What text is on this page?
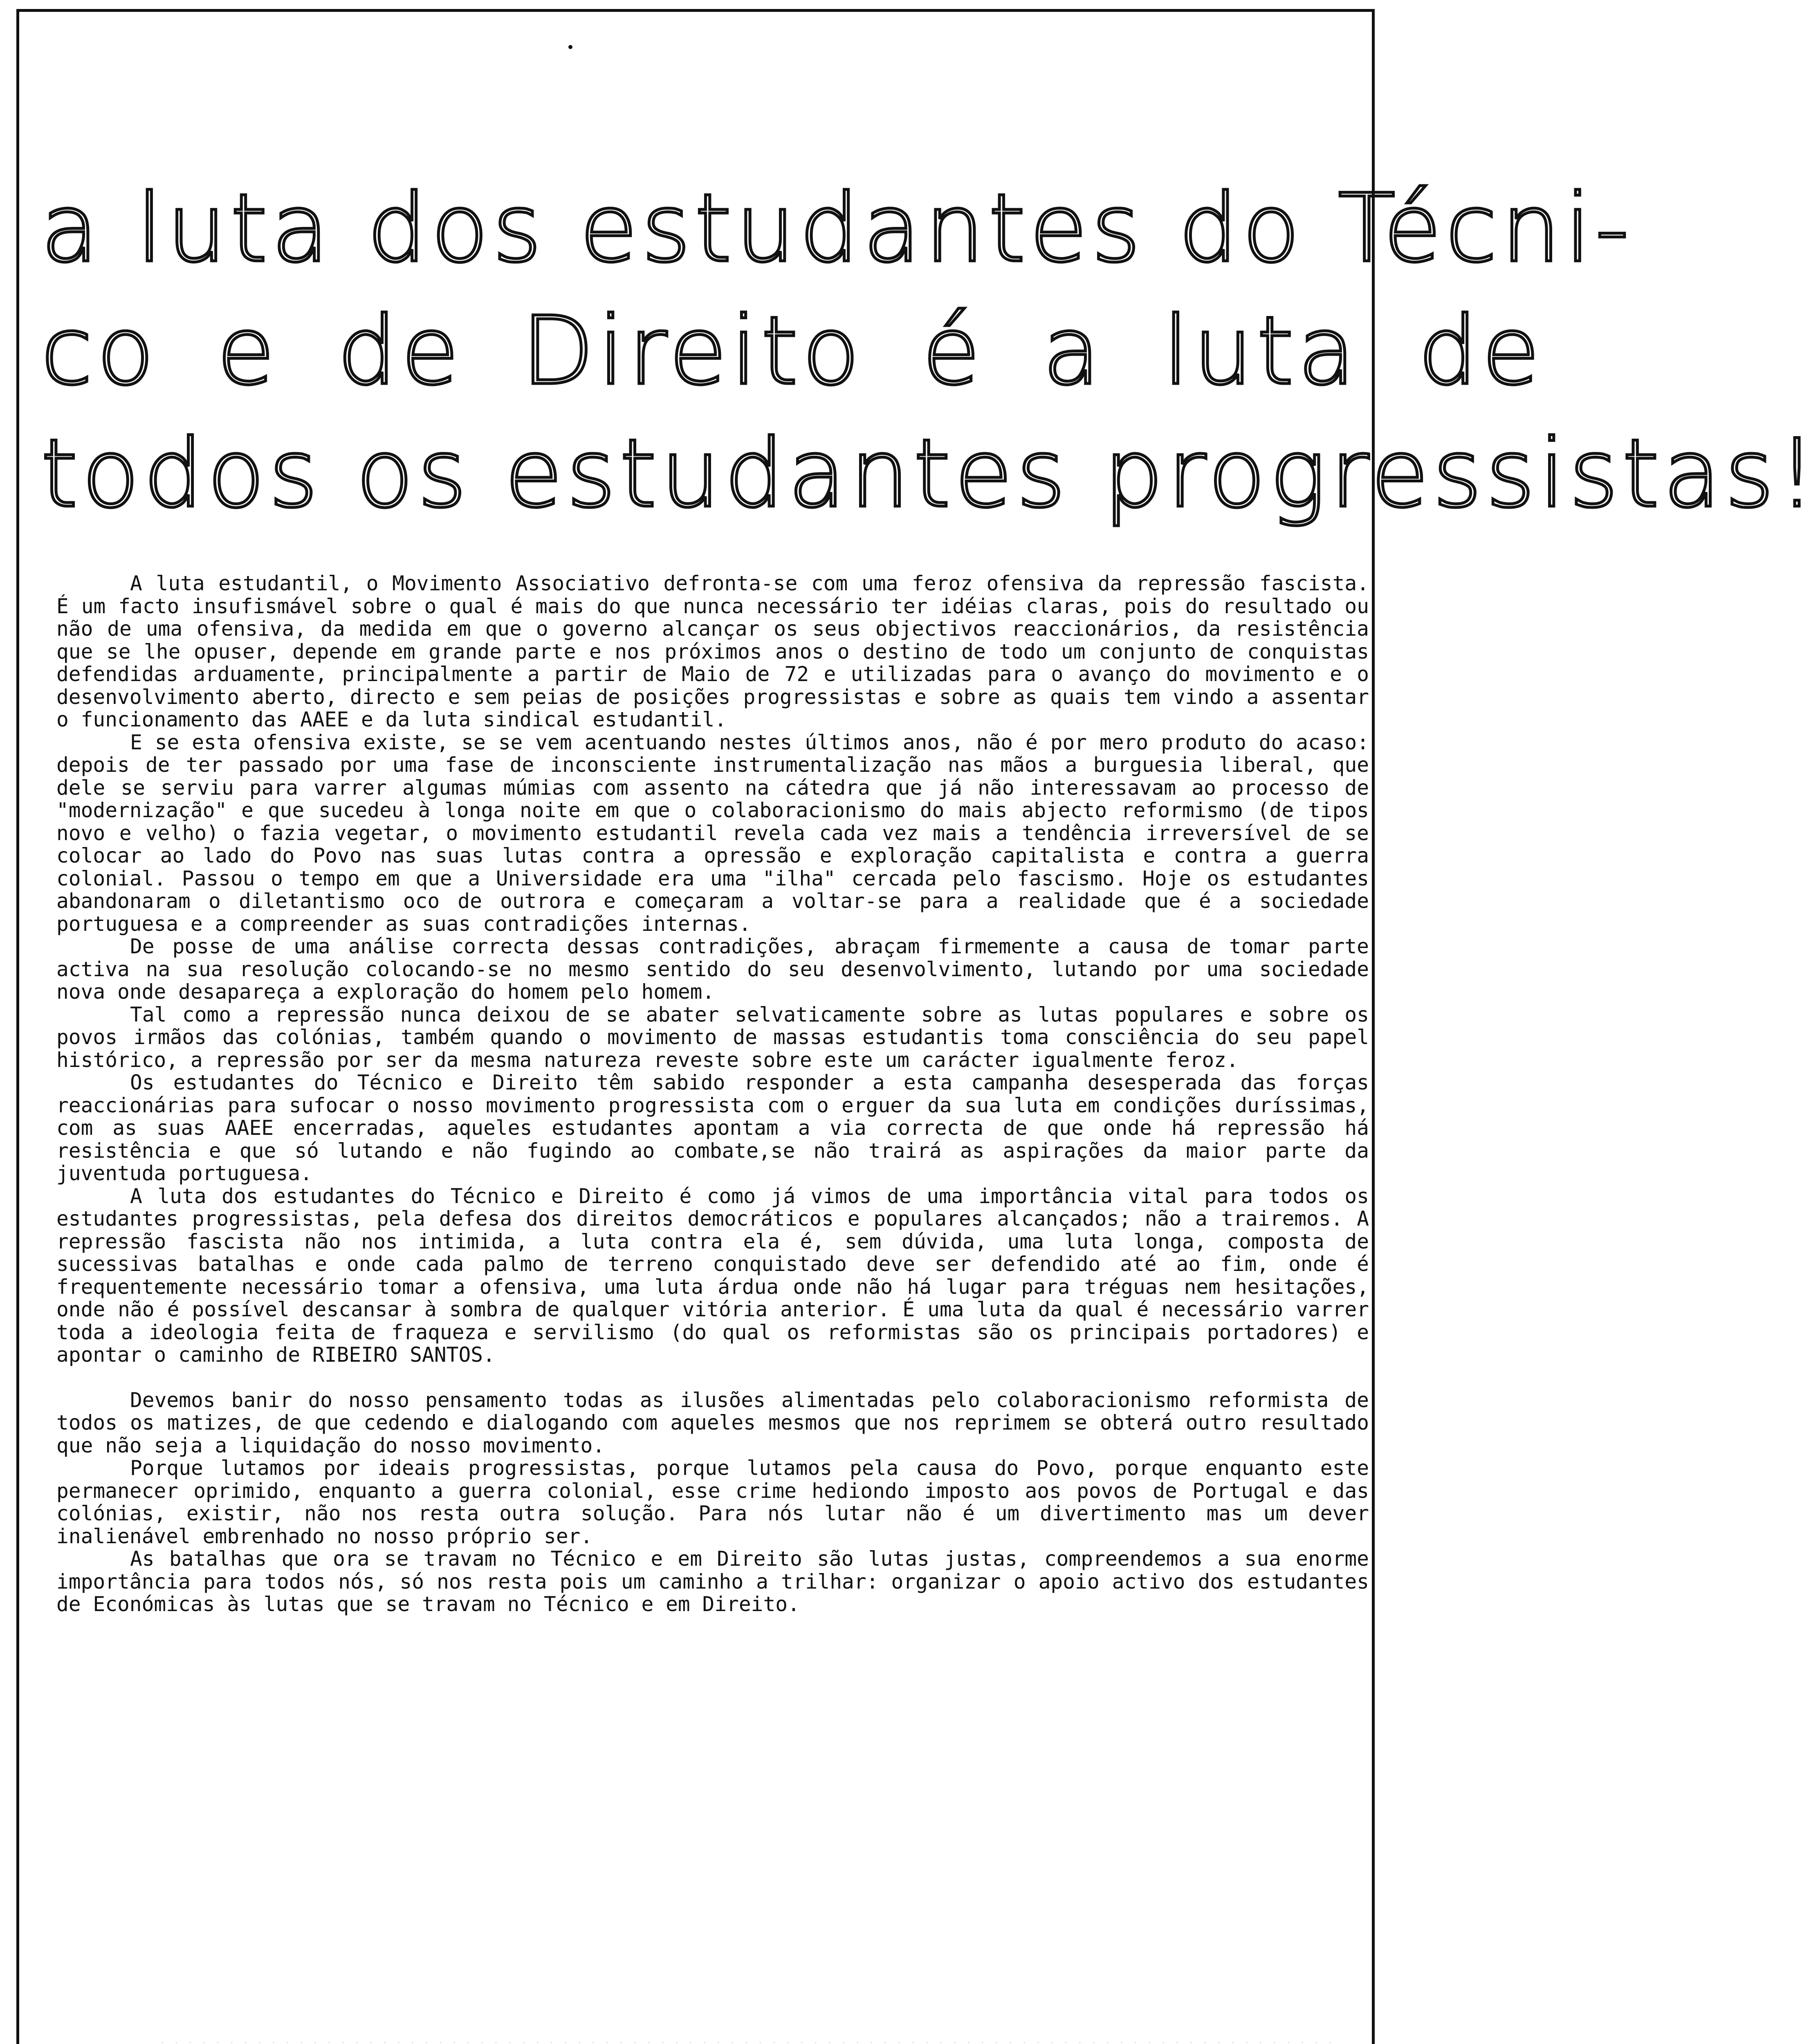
a luta dos estudantes do Técni-
co e de Direito é a luta de
todos os estudantes progressistas!

A luta estudantil, o Movimento Associativo defronta-se com uma feroz ofensiva da repressão fascista. É um facto insufismável sobre o qual é mais do que nunca necessário ter idéias claras, pois do resultado ou não de uma ofensiva, da medida em que o governo alcançar os seus objectivos reaccionários, da resistência que se lhe opuser, depende em grande parte e nos próximos anos o destino de todo um conjunto de conquistas defendidas arduamente, principalmente a partir de Maio de 72 e utilizadas para o avanço do movimento e o desenvolvimento aberto, directo e sem peias de posições progressistas e sobre as quais tem vindo a assentar o funcionamento das AAEE e da luta sindical estudantil.

E se esta ofensiva existe, se se vem acentuando nestes últimos anos, não é por mero produto do acaso: depois de ter passado por uma fase de inconsciente instrumentalização nas mãos a burguesia liberal, que dele se serviu para varrer algumas múmias com assento na cátedra que já não interessavam ao processo de "modernização" e que sucedeu à longa noite em que o colaboracionismo do mais abjecto reformismo (de tipos novo e velho) o fazia vegetar, o movimento estudantil revela cada vez mais a tendência irreversível de se colocar ao lado do Povo nas suas lutas contra a opressão e exploração capitalista e contra a guerra colonial. Passou o tempo em que a Universidade era uma "ilha" cercada pelo fascismo. Hoje os estudantes abandonaram o diletantismo oco de outrora e começaram a voltar-se para a realidade que é a sociedade portuguesa e a compreender as suas contradições internas.

De posse de uma análise correcta dessas contradições, abraçam firmemente a causa de tomar parte activa na sua resolução colocando-se no mesmo sentido do seu desenvolvimento, lutando por uma sociedade nova onde desapareça a exploração do homem pelo homem.

Tal como a repressão nunca deixou de se abater selvaticamente sobre as lutas populares e sobre os povos irmãos das colónias, também quando o movimento de massas estudantis toma consciência do seu papel histórico, a repressão por ser da mesma natureza reveste sobre este um carácter igualmente feroz.

Os estudantes do Técnico e Direito têm sabido responder a esta campanha desesperada das forças reaccionárias para sufocar o nosso movimento progressista com o erguer da sua luta em condições duríssimas, com as suas AAEE encerradas, aqueles estudantes apontam a via correcta de que onde há repressão há resistência e que só lutando e não fugindo ao combate,se não trairá as aspirações da maior parte da juventuda portuguesa.

A luta dos estudantes do Técnico e Direito é como já vimos de uma importância vital para todos os estudantes progressistas, pela defesa dos direitos democráticos e populares alcançados; não a trairemos. A repressão fascista não nos intimida, a luta contra ela é, sem dúvida, uma luta longa, composta de sucessivas batalhas e onde cada palmo de terreno conquistado deve ser defendido até ao fim, onde é frequentemente necessário tomar a ofensiva, uma luta árdua onde não há lugar para tréguas nem hesitações, onde não é possível descansar à sombra de qualquer vitória anterior. É uma luta da qual é necessário varrer toda a ideologia feita de fraqueza e servilismo (do qual os reformistas são os principais portadores) e apontar o caminho de RIBEIRO SANTOS.

Devemos banir do nosso pensamento todas as ilusões alimentadas pelo colaboracionismo reformista de todos os matizes, de que cedendo e dialogando com aqueles mesmos que nos reprimem se obterá outro resultado que não seja a liquidação do nosso movimento.

Porque lutamos por ideais progressistas, porque lutamos pela causa do Povo, porque enquanto este permanecer oprimido, enquanto a guerra colonial, esse crime hediondo imposto aos povos de Portugal e das colónias, existir, não nos resta outra solução. Para nós lutar não é um divertimento mas um dever inalienável embrenhado no nosso próprio ser.

As batalhas que ora se travam no Técnico e em Direito são lutas justas, compreendemos a sua enorme importância para todos nós, só nos resta pois um caminho a trilhar: organizar o apoio activo dos estudantes de Económicas às lutas que se travam no Técnico e em Direito.
